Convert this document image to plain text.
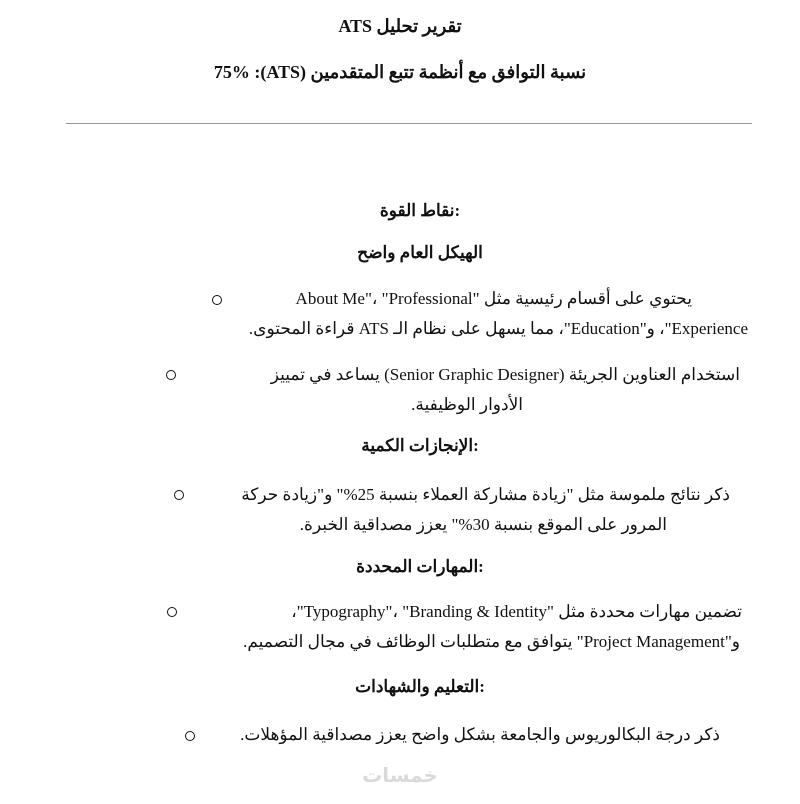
تقرير تحليل ATS
نسبة التوافق مع أنظمة تتبع المتقدمين (ATS): 75%
:نقاط القوة
الهيكل العام واضح
يحتوي على أقسام رئيسية مثل "About Me"، "Professional
Experience"، و"Education"، مما يسهل على نظام الـ ATS قراءة المحتوى.
استخدام العناوين الجريئة (Senior Graphic Designer) يساعد في تمييز
الأدوار الوظيفية.
:الإنجازات الكمية
ذكر نتائج ملموسة مثل "زيادة مشاركة العملاء بنسبة 25%" و"زيادة حركة
المرور على الموقع بنسبة 30%" يعزز مصداقية الخبرة.
:المهارات المحددة
تضمين مهارات محددة مثل "Typography"، "Branding & Identity"،
و"Project Management" يتوافق مع متطلبات الوظائف في مجال التصميم.
:التعليم والشهادات
ذكر درجة البكالوريوس والجامعة بشكل واضح يعزز مصداقية المؤهلات.
خمسات
